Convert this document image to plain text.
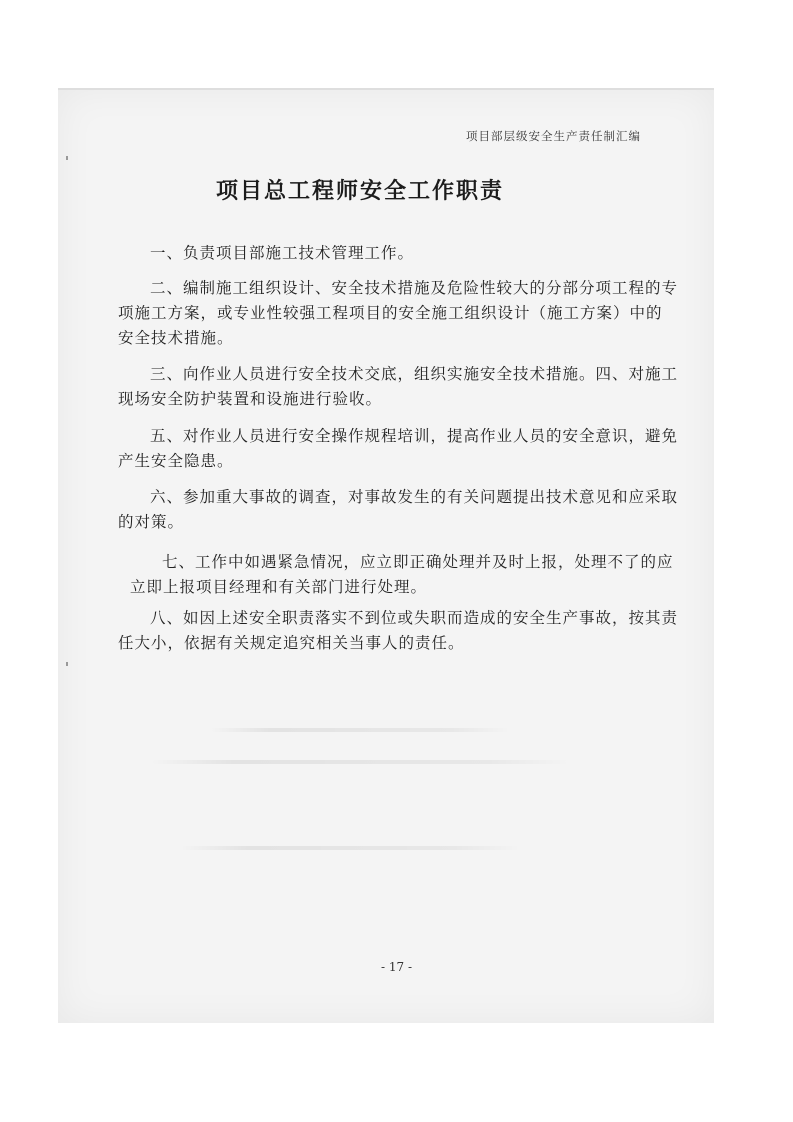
项目部层级安全生产责任制汇编
项目总工程师安全工作职责
一、负责项目部施工技术管理工作。
二、编制施工组织设计、安全技术措施及危险性较大的分部分项工程的专项施工方案，或专业性较强工程项目的安全施工组织设计（施工方案）中的安全技术措施。
三、向作业人员进行安全技术交底，组织实施安全技术措施。四、对施工现场安全防护装置和设施进行验收。
五、对作业人员进行安全操作规程培训，提高作业人员的安全意识，避免产生安全隐患。
六、参加重大事故的调查，对事故发生的有关问题提出技术意见和应采取的对策。
七、工作中如遇紧急情况，应立即正确处理并及时上报，处理不了的应立即上报项目经理和有关部门进行处理。
八、如因上述安全职责落实不到位或失职而造成的安全生产事故，按其责任大小，依据有关规定追究相关当事人的责任。
- 17 -
